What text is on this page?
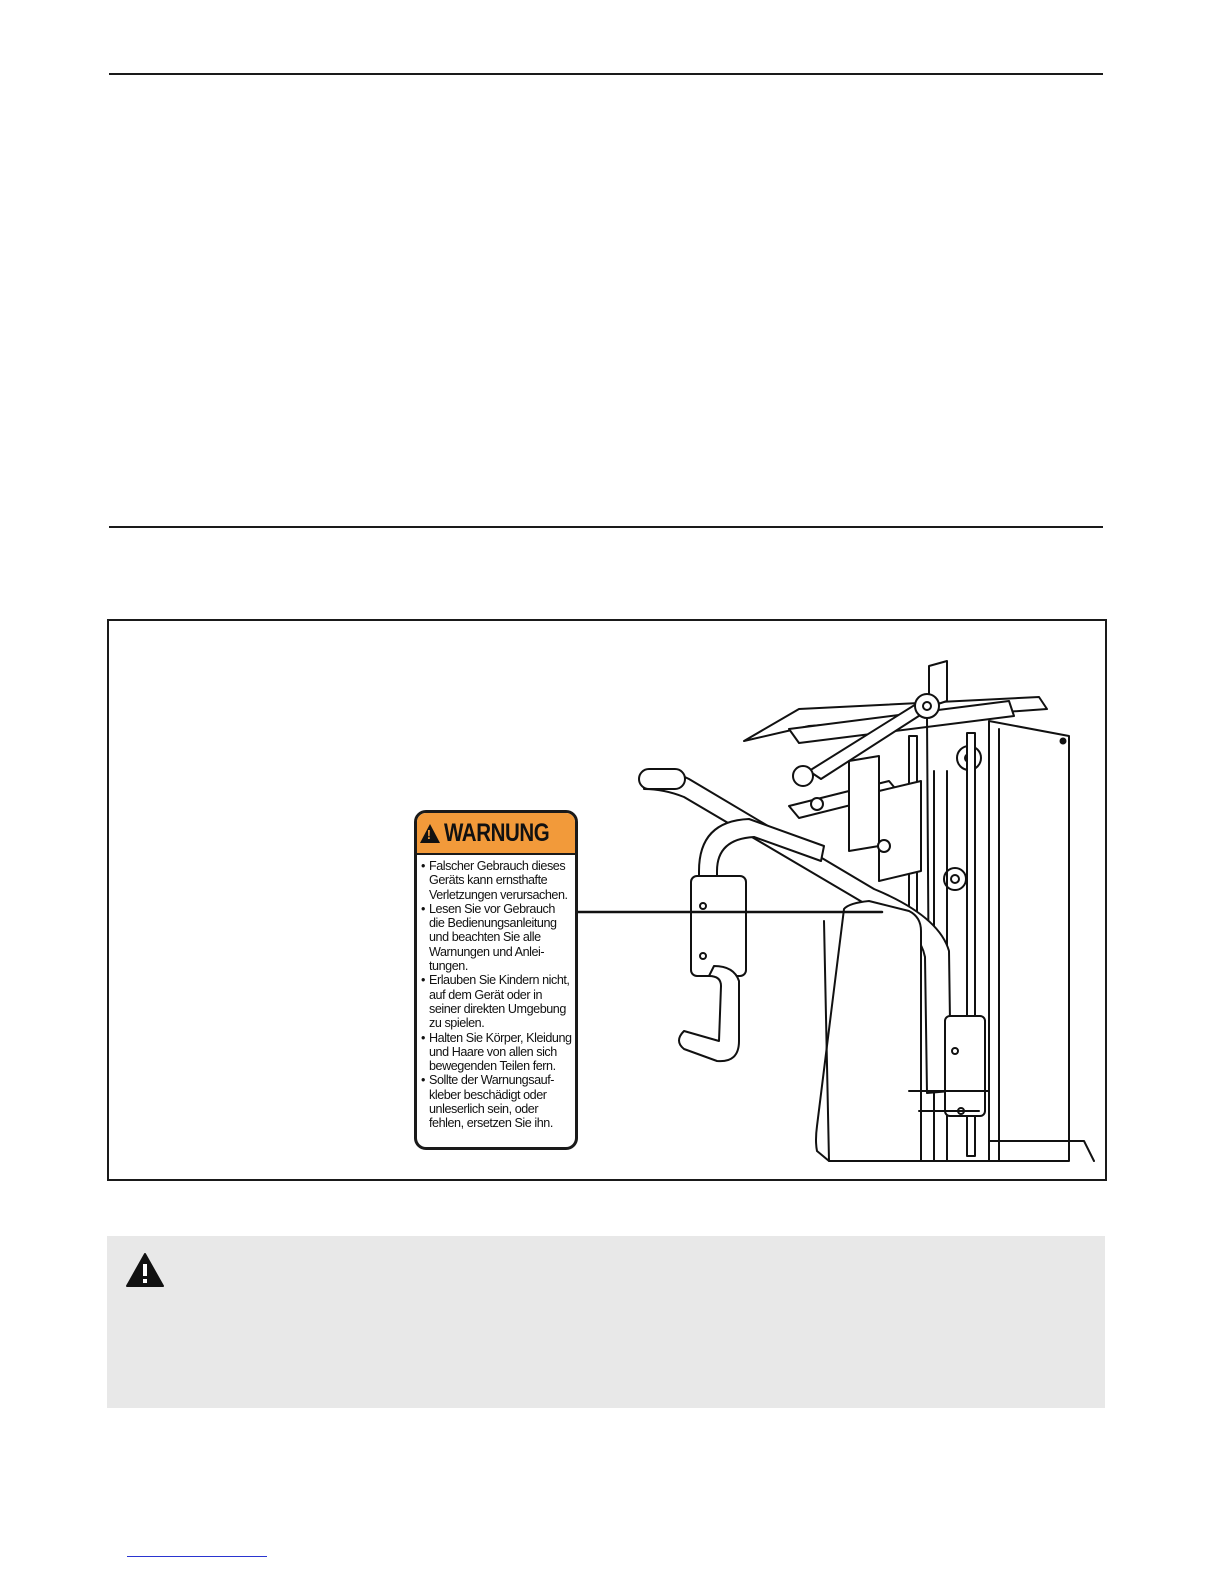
!
WARNUNG
• Falscher Gebrauch dieses Geräts kann ernsthafte Verletzungen verursachen.
• Lesen Sie vor Gebrauch die Bedienungsanleitung und beachten Sie alle Warnungen und Anlei-tungen.
• Erlauben Sie Kindern nicht, auf dem Gerät oder in seiner direkten Umgebung zu spielen.
• Halten Sie Körper, Kleidung und Haare von allen sich bewegenden Teilen fern.
• Sollte der Warnungsauf-kleber beschädigt oder unleserlich sein, oder fehlen, ersetzen Sie ihn.
